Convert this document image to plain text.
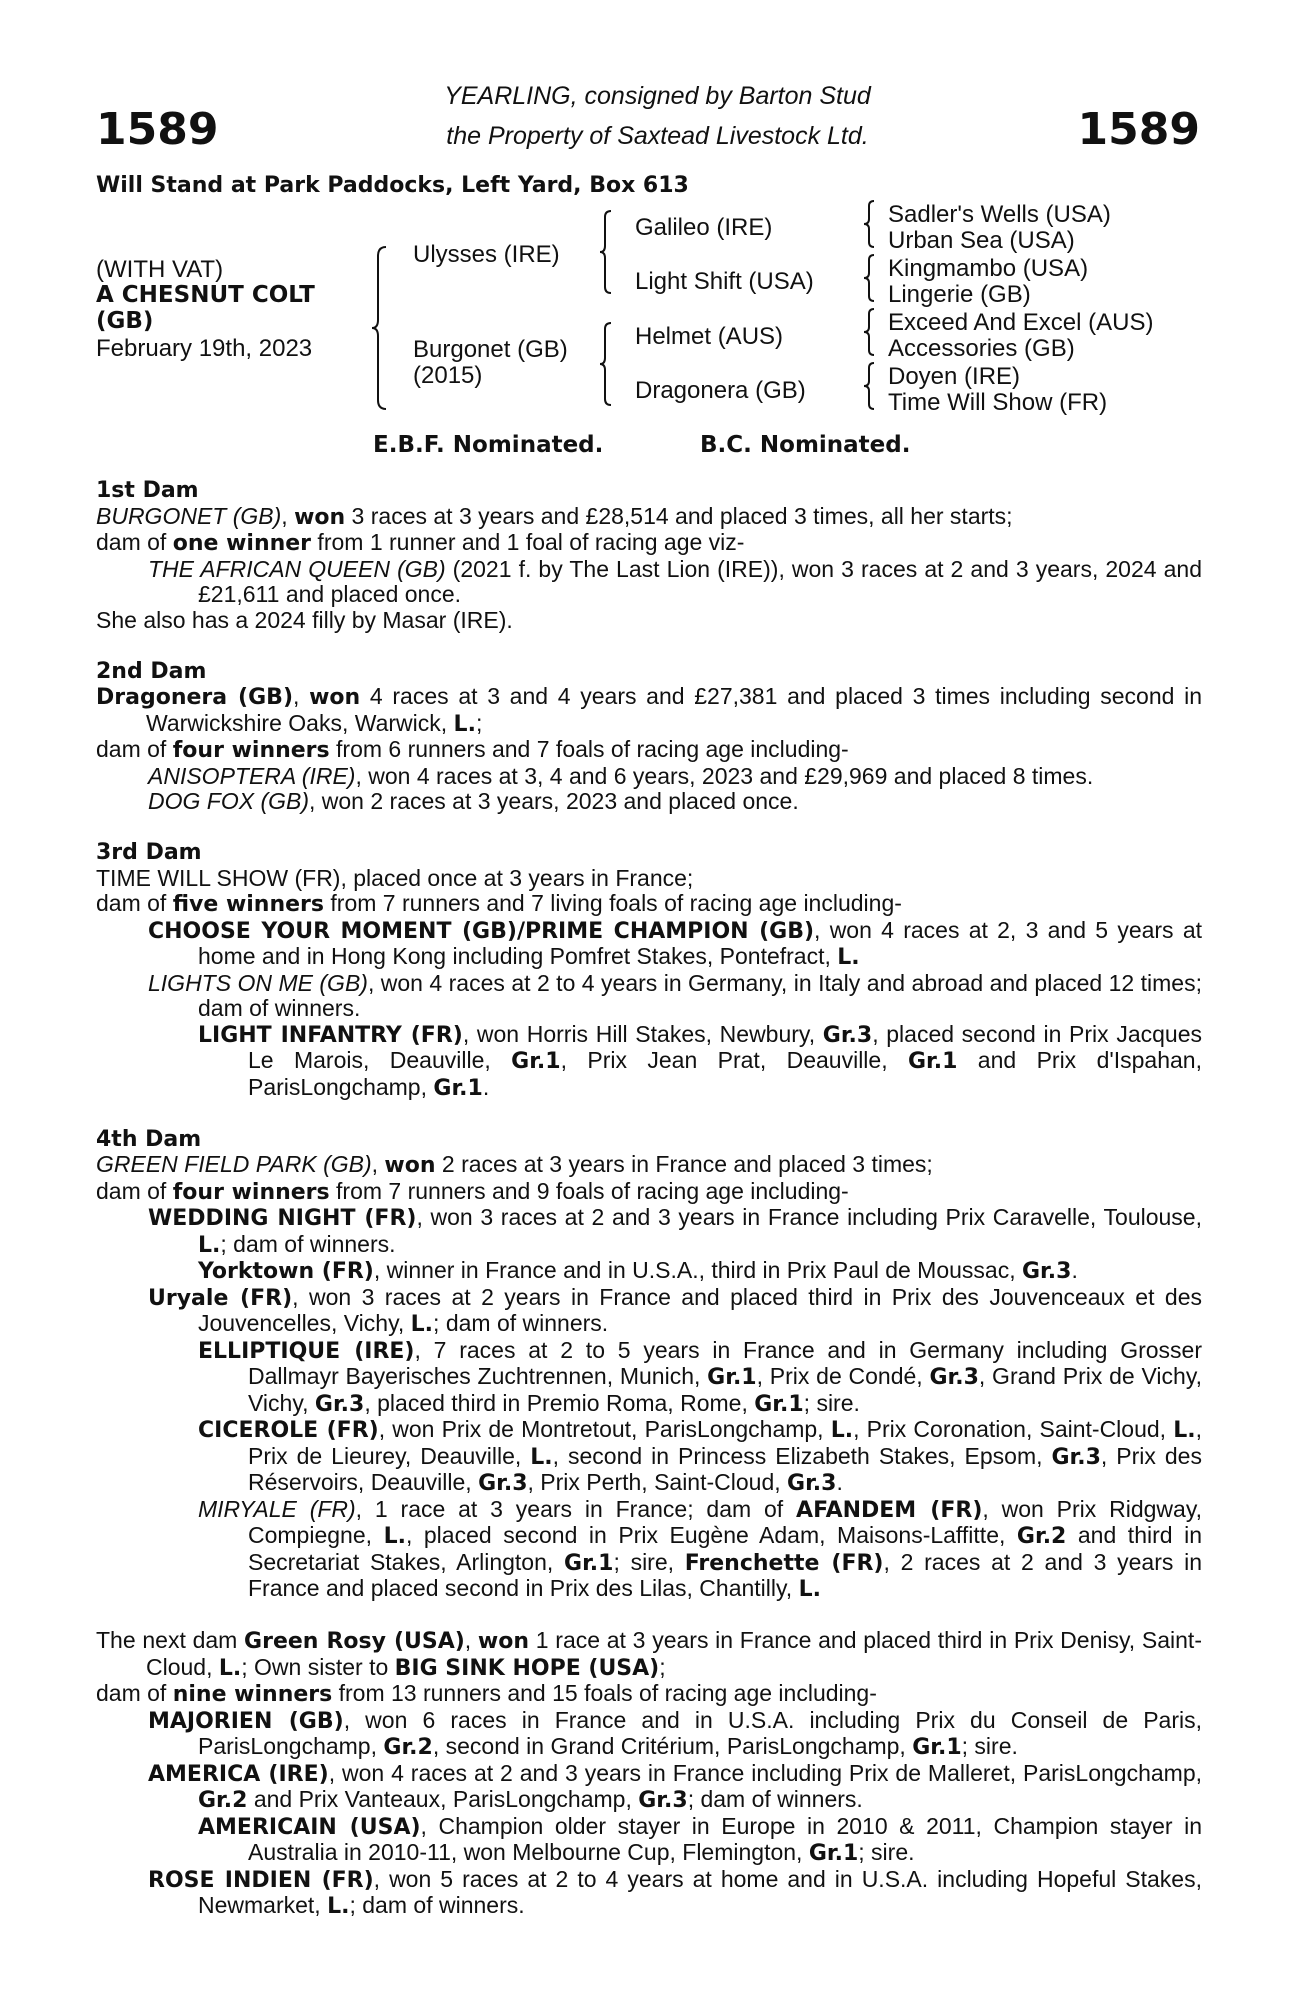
1589	1589
YEARLING, consigned by Barton Stud
the Property of Saxtead Livestock Ltd.
Will Stand at Park Paddocks, Left Yard, Box 613
(WITH VAT)
A CHESNUT COLT
(GB)
February 19th, 2023
Ulysses (IRE)
Burgonet (GB)
(2015)
Galileo (IRE)
Light Shift (USA)
Helmet (AUS)
Dragonera (GB)
Sadler's Wells (USA)
Urban Sea (USA)
Kingmambo (USA)
Lingerie (GB)
Exceed And Excel (AUS)
Accessories (GB)
Doyen (IRE)
Time Will Show (FR)
E.B.F. Nominated.	B.C. Nominated.
1st Dam

BURGONET (GB), won 3 races at 3 years and £28,514 and placed 3 times, all her starts;

dam of one winner from 1 runner and 1 foal of racing age viz-

THE AFRICAN QUEEN (GB) (2021 f. by The Last Lion (IRE)), won 3 races at 2 and 3 years, 2024 and £21,611 and placed once.

She also has a 2024 filly by Masar (IRE).

2nd Dam

Dragonera (GB), won 4 races at 3 and 4 years and £27,381 and placed 3 times including second in Warwickshire Oaks, Warwick, L.;

dam of four winners from 6 runners and 7 foals of racing age including-

ANISOPTERA (IRE), won 4 races at 3, 4 and 6 years, 2023 and £29,969 and placed 8 times.

DOG FOX (GB), won 2 races at 3 years, 2023 and placed once.

3rd Dam

TIME WILL SHOW (FR), placed once at 3 years in France;

dam of five winners from 7 runners and 7 living foals of racing age including-

CHOOSE YOUR MOMENT (GB)/PRIME CHAMPION (GB), won 4 races at 2, 3 and 5 years at home and in Hong Kong including Pomfret Stakes, Pontefract, L.

LIGHTS ON ME (GB), won 4 races at 2 to 4 years in Germany, in Italy and abroad and placed 12 times; dam of winners.

LIGHT INFANTRY (FR), won Horris Hill Stakes, Newbury, Gr.3, placed second in Prix Jacques Le Marois, Deauville, Gr.1, Prix Jean Prat, Deauville, Gr.1 and Prix d'Ispahan, ParisLongchamp, Gr.1.

4th Dam

GREEN FIELD PARK (GB), won 2 races at 3 years in France and placed 3 times;

dam of four winners from 7 runners and 9 foals of racing age including-

WEDDING NIGHT (FR), won 3 races at 2 and 3 years in France including Prix Caravelle, Toulouse, L.; dam of winners.

Yorktown (FR), winner in France and in U.S.A., third in Prix Paul de Moussac, Gr.3.

Uryale (FR), won 3 races at 2 years in France and placed third in Prix des Jouvenceaux et des Jouvencelles, Vichy, L.; dam of winners.

ELLIPTIQUE (IRE), 7 races at 2 to 5 years in France and in Germany including Grosser Dallmayr Bayerisches Zuchtrennen, Munich, Gr.1, Prix de Condé, Gr.3, Grand Prix de Vichy, Vichy, Gr.3, placed third in Premio Roma, Rome, Gr.1; sire.

CICEROLE (FR), won Prix de Montretout, ParisLongchamp, L., Prix Coronation, Saint-Cloud, L., Prix de Lieurey, Deauville, L., second in Princess Elizabeth Stakes, Epsom, Gr.3, Prix des Réservoirs, Deauville, Gr.3, Prix Perth, Saint-Cloud, Gr.3.

MIRYALE (FR), 1 race at 3 years in France; dam of AFANDEM (FR), won Prix Ridgway, Compiegne, L., placed second in Prix Eugène Adam, Maisons-Laffitte, Gr.2 and third in Secretariat Stakes, Arlington, Gr.1; sire, Frenchette (FR), 2 races at 2 and 3 years in France and placed second in Prix des Lilas, Chantilly, L.

The next dam Green Rosy (USA), won 1 race at 3 years in France and placed third in Prix Denisy, Saint-Cloud, L.; Own sister to BIG SINK HOPE (USA);

dam of nine winners from 13 runners and 15 foals of racing age including-

MAJORIEN (GB), won 6 races in France and in U.S.A. including Prix du Conseil de Paris, ParisLongchamp, Gr.2, second in Grand Critérium, ParisLongchamp, Gr.1; sire.

AMERICA (IRE), won 4 races at 2 and 3 years in France including Prix de Malleret, ParisLongchamp, Gr.2 and Prix Vanteaux, ParisLongchamp, Gr.3; dam of winners.

AMERICAIN (USA), Champion older stayer in Europe in 2010 & 2011, Champion stayer in Australia in 2010-11, won Melbourne Cup, Flemington, Gr.1; sire.

ROSE INDIEN (FR), won 5 races at 2 to 4 years at home and in U.S.A. including Hopeful Stakes, Newmarket, L.; dam of winners.
